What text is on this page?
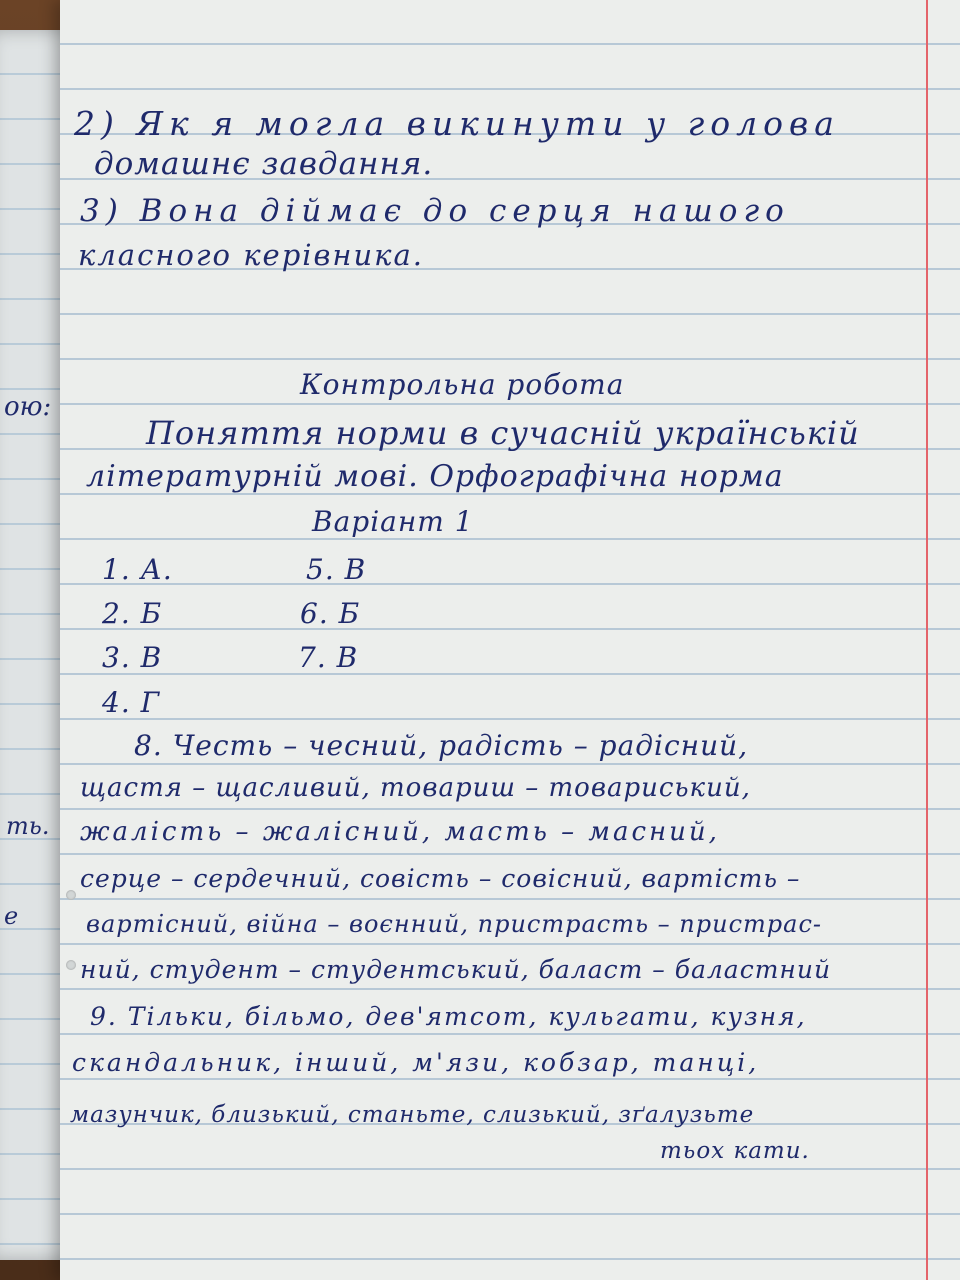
ою:
ть.
е
2) Як я могла викинути у голова
домашнє завдання.
3) Вона діймає до серця нашого
класного керівника.
Контрольна робота
Поняття норми в сучасній українській
літературній мові. Орфографічна норма
Варіант 1
1. А.
2. Б
3. В
4. Г
5. В
6. Б
7. В
8. Честь – чесний, радість – радісний,
щастя – щасливий, товариш – товариський,
жалість – жалісний, масть – масний,
серце – сердечний, совість – совісний, вартість –
вартісний, війна – воєнний, пристрасть – пристрас-
ний, студент – студентський, баласт – баластний
9. Тільки, більмо, дев'ятсот, кульгати, кузня,
скандальник, інший, м'язи, кобзар, танці,
мазунчик, близький, станьте, слизький, зґалузьте
тьох кати.
